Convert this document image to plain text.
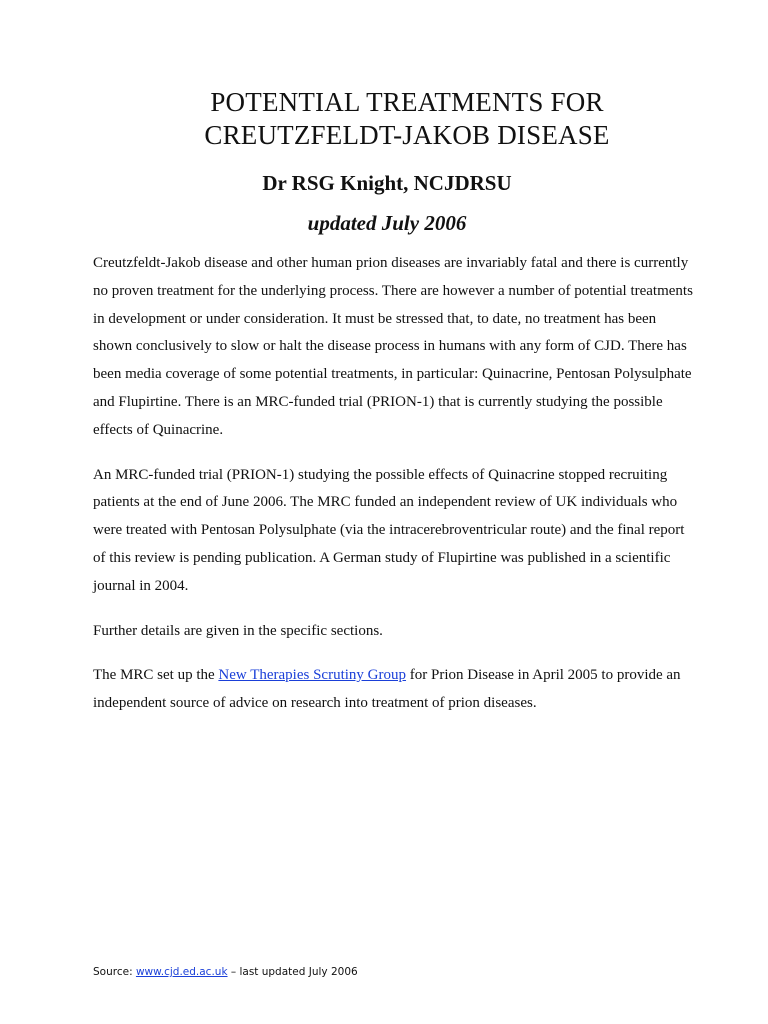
POTENTIAL TREATMENTS FOR
CREUTZFELDT-JAKOB DISEASE
Dr RSG Knight, NCJDRSU
updated July 2006

Creutzfeldt-Jakob disease and other human prion diseases are invariably fatal and there is currently no proven treatment for the underlying process. There are however a number of potential treatments in development or under consideration. It must be stressed that, to date, no treatment has been shown conclusively to slow or halt the disease process in humans with any form of CJD. There has been media coverage of some potential treatments, in particular: Quinacrine, Pentosan Polysulphate and Flupirtine. There is an MRC-funded trial (PRION-1) that is currently studying the possible effects of Quinacrine.

An MRC-funded trial (PRION-1) studying the possible effects of Quinacrine stopped recruiting patients at the end of June 2006. The MRC funded an independent review of UK individuals who were treated with Pentosan Polysulphate (via the intracerebroventricular route) and the final report of this review is pending publication. A German study of Flupirtine was published in a scientific journal in 2004.

Further details are given in the specific sections.

The MRC set up the New Therapies Scrutiny Group for Prion Disease in April 2005 to provide an independent source of advice on research into treatment of prion diseases.

Source: www.cjd.ed.ac.uk – last updated July 2006
